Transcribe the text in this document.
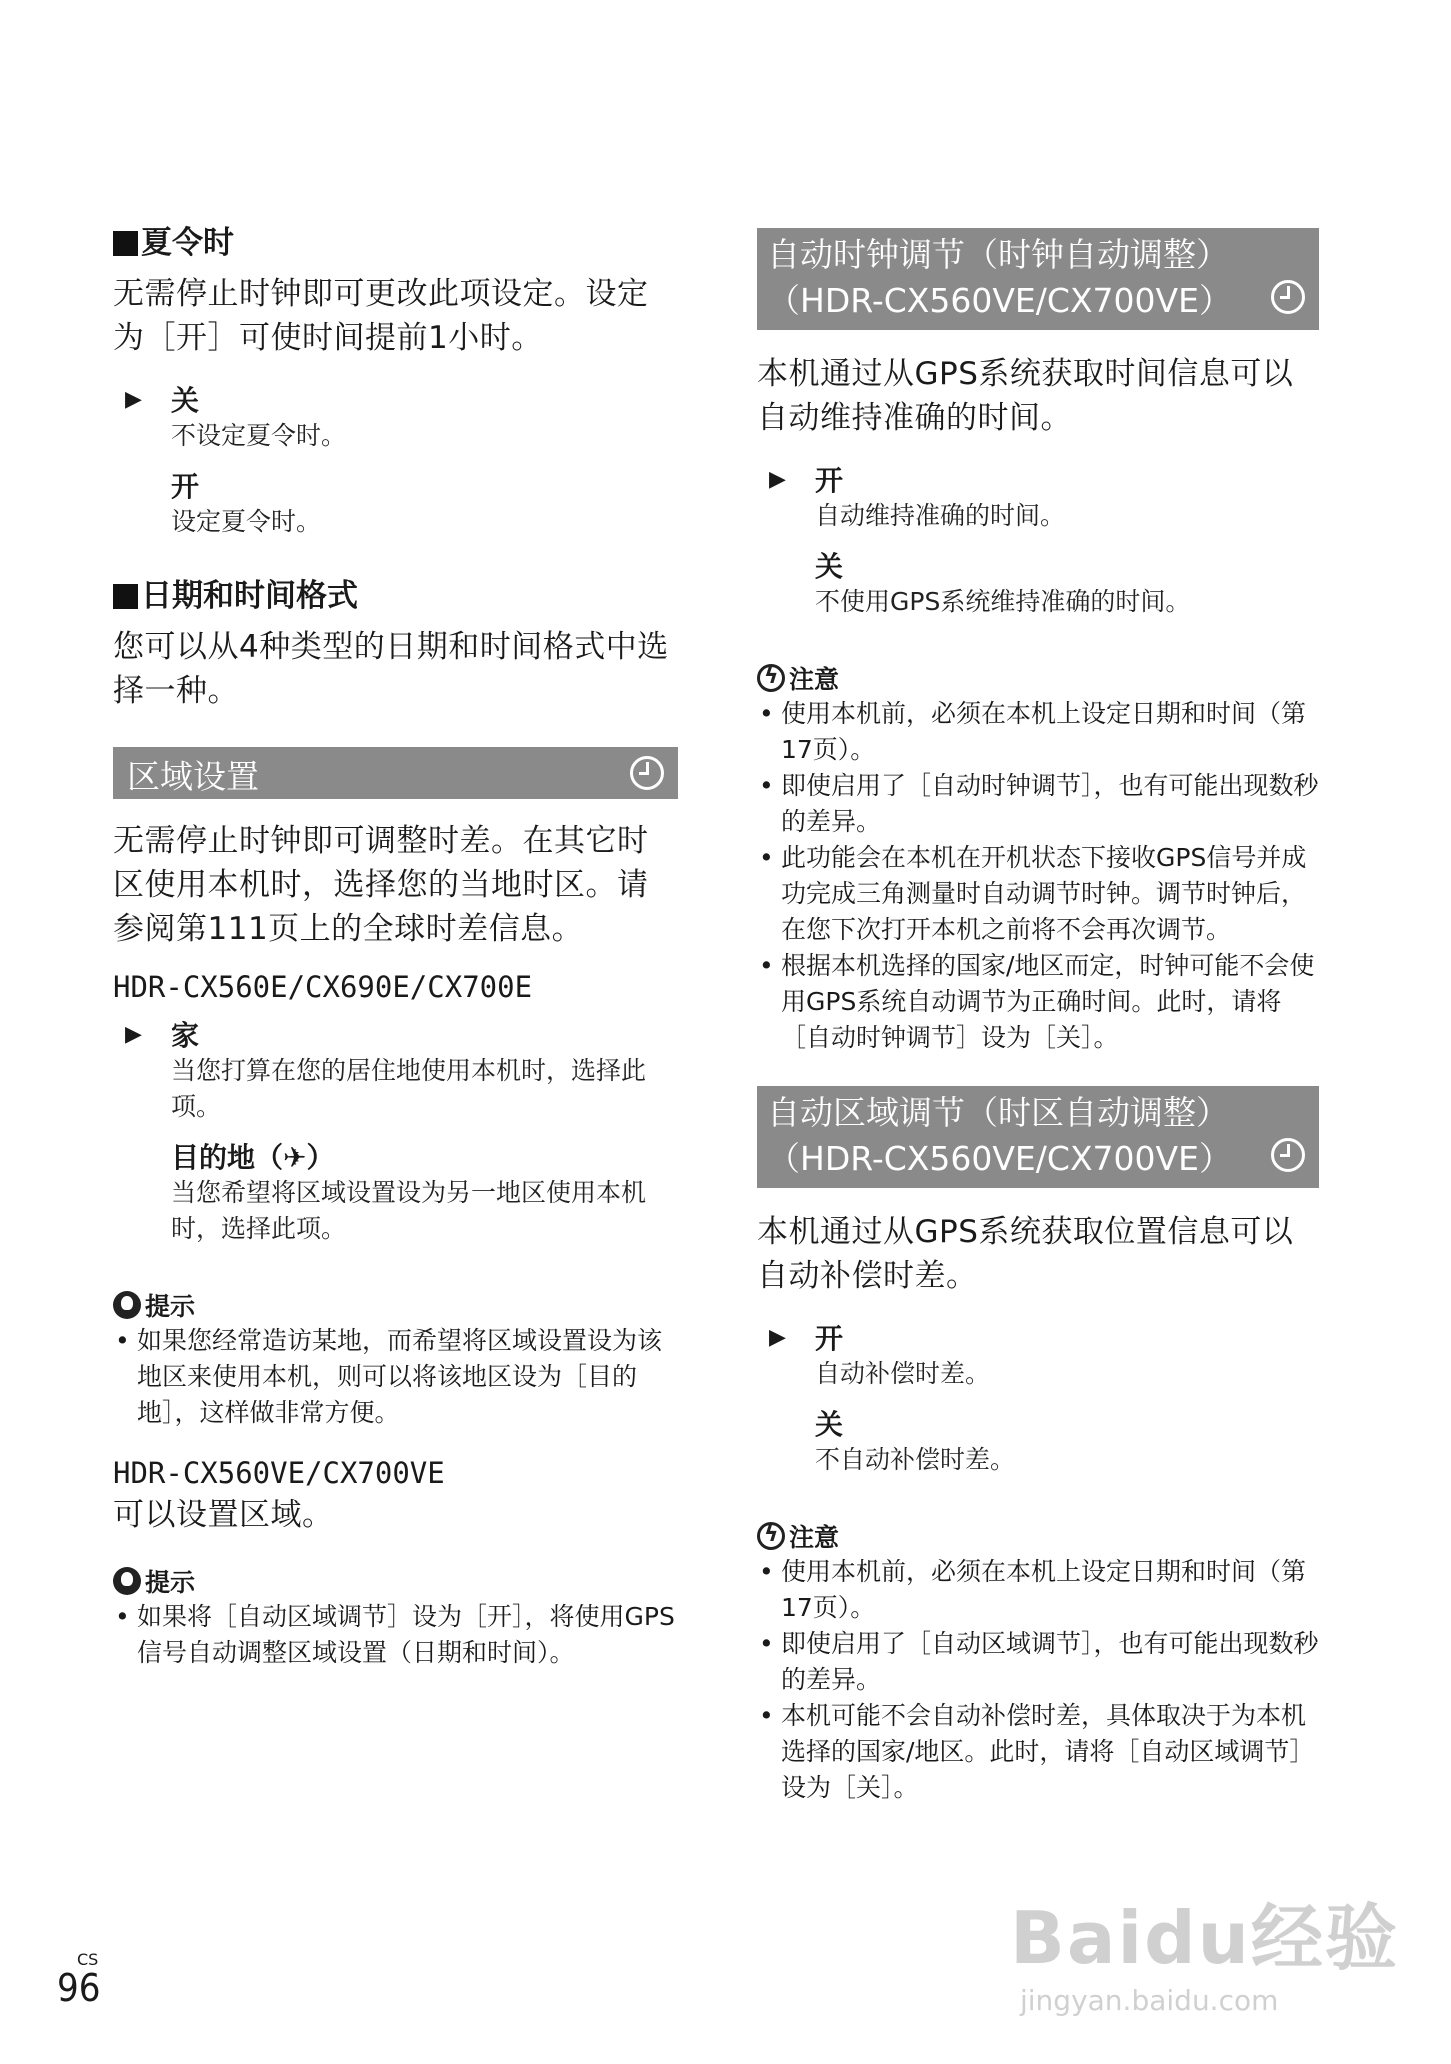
夏令时

无需停止时钟即可更改此项设定。设定为［开］可使时间提前1小时。

▶ 关
不设定夏令时。
开
设定夏令时。
日期和时间格式

您可以从4种类型的日期和时间格式中选择一种。

区域设置

无需停止时钟即可调整时差。在其它时区使用本机时，选择您的当地时区。请参阅第111页上的全球时差信息。

HDR-CX560E/CX690E/CX700E

▶ 家
当您打算在您的居住地使用本机时，选择此项。
目的地（✈）
当您希望将区域设置设为另一地区使用本机时，选择此项。
提示
• 如果您经常造访某地，而希望将区域设置设为该地区来使用本机，则可以将该地区设为［目的地］，这样做非常方便。

HDR-CX560VE/CX700VE

可以设置区域。

提示
• 如果将［自动区域调节］设为［开］，将使用GPS信号自动调整区域设置（日期和时间）。
自动时钟调节（时钟自动调整）（HDR-CX560VE/CX700VE）

本机通过从GPS系统获取时间信息可以自动维持准确的时间。

▶ 开
自动维持准确的时间。
关
不使用GPS系统维持准确的时间。
ϟ
注意
• 使用本机前，必须在本机上设定日期和时间（第17页）。
• 即使启用了［自动时钟调节］，也有可能出现数秒的差异。
• 此功能会在本机在开机状态下接收GPS信号并成功完成三角测量时自动调节时钟。调节时钟后，在您下次打开本机之前将不会再次调节。
• 根据本机选择的国家/地区而定，时钟可能不会使用GPS系统自动调节为正确时间。此时，请将［自动时钟调节］设为［关］。
自动区域调节（时区自动调整）（HDR-CX560VE/CX700VE）

本机通过从GPS系统获取位置信息可以自动补偿时差。

▶ 开
自动补偿时差。
关
不自动补偿时差。
ϟ
注意
• 使用本机前，必须在本机上设定日期和时间（第17页）。
• 即使启用了［自动区域调节］，也有可能出现数秒的差异。
• 本机可能不会自动补偿时差，具体取决于为本机选择的国家/地区。此时，请将［自动区域调节］设为［关］。
CS
96
Baidu经验
jingyan.baidu.com
